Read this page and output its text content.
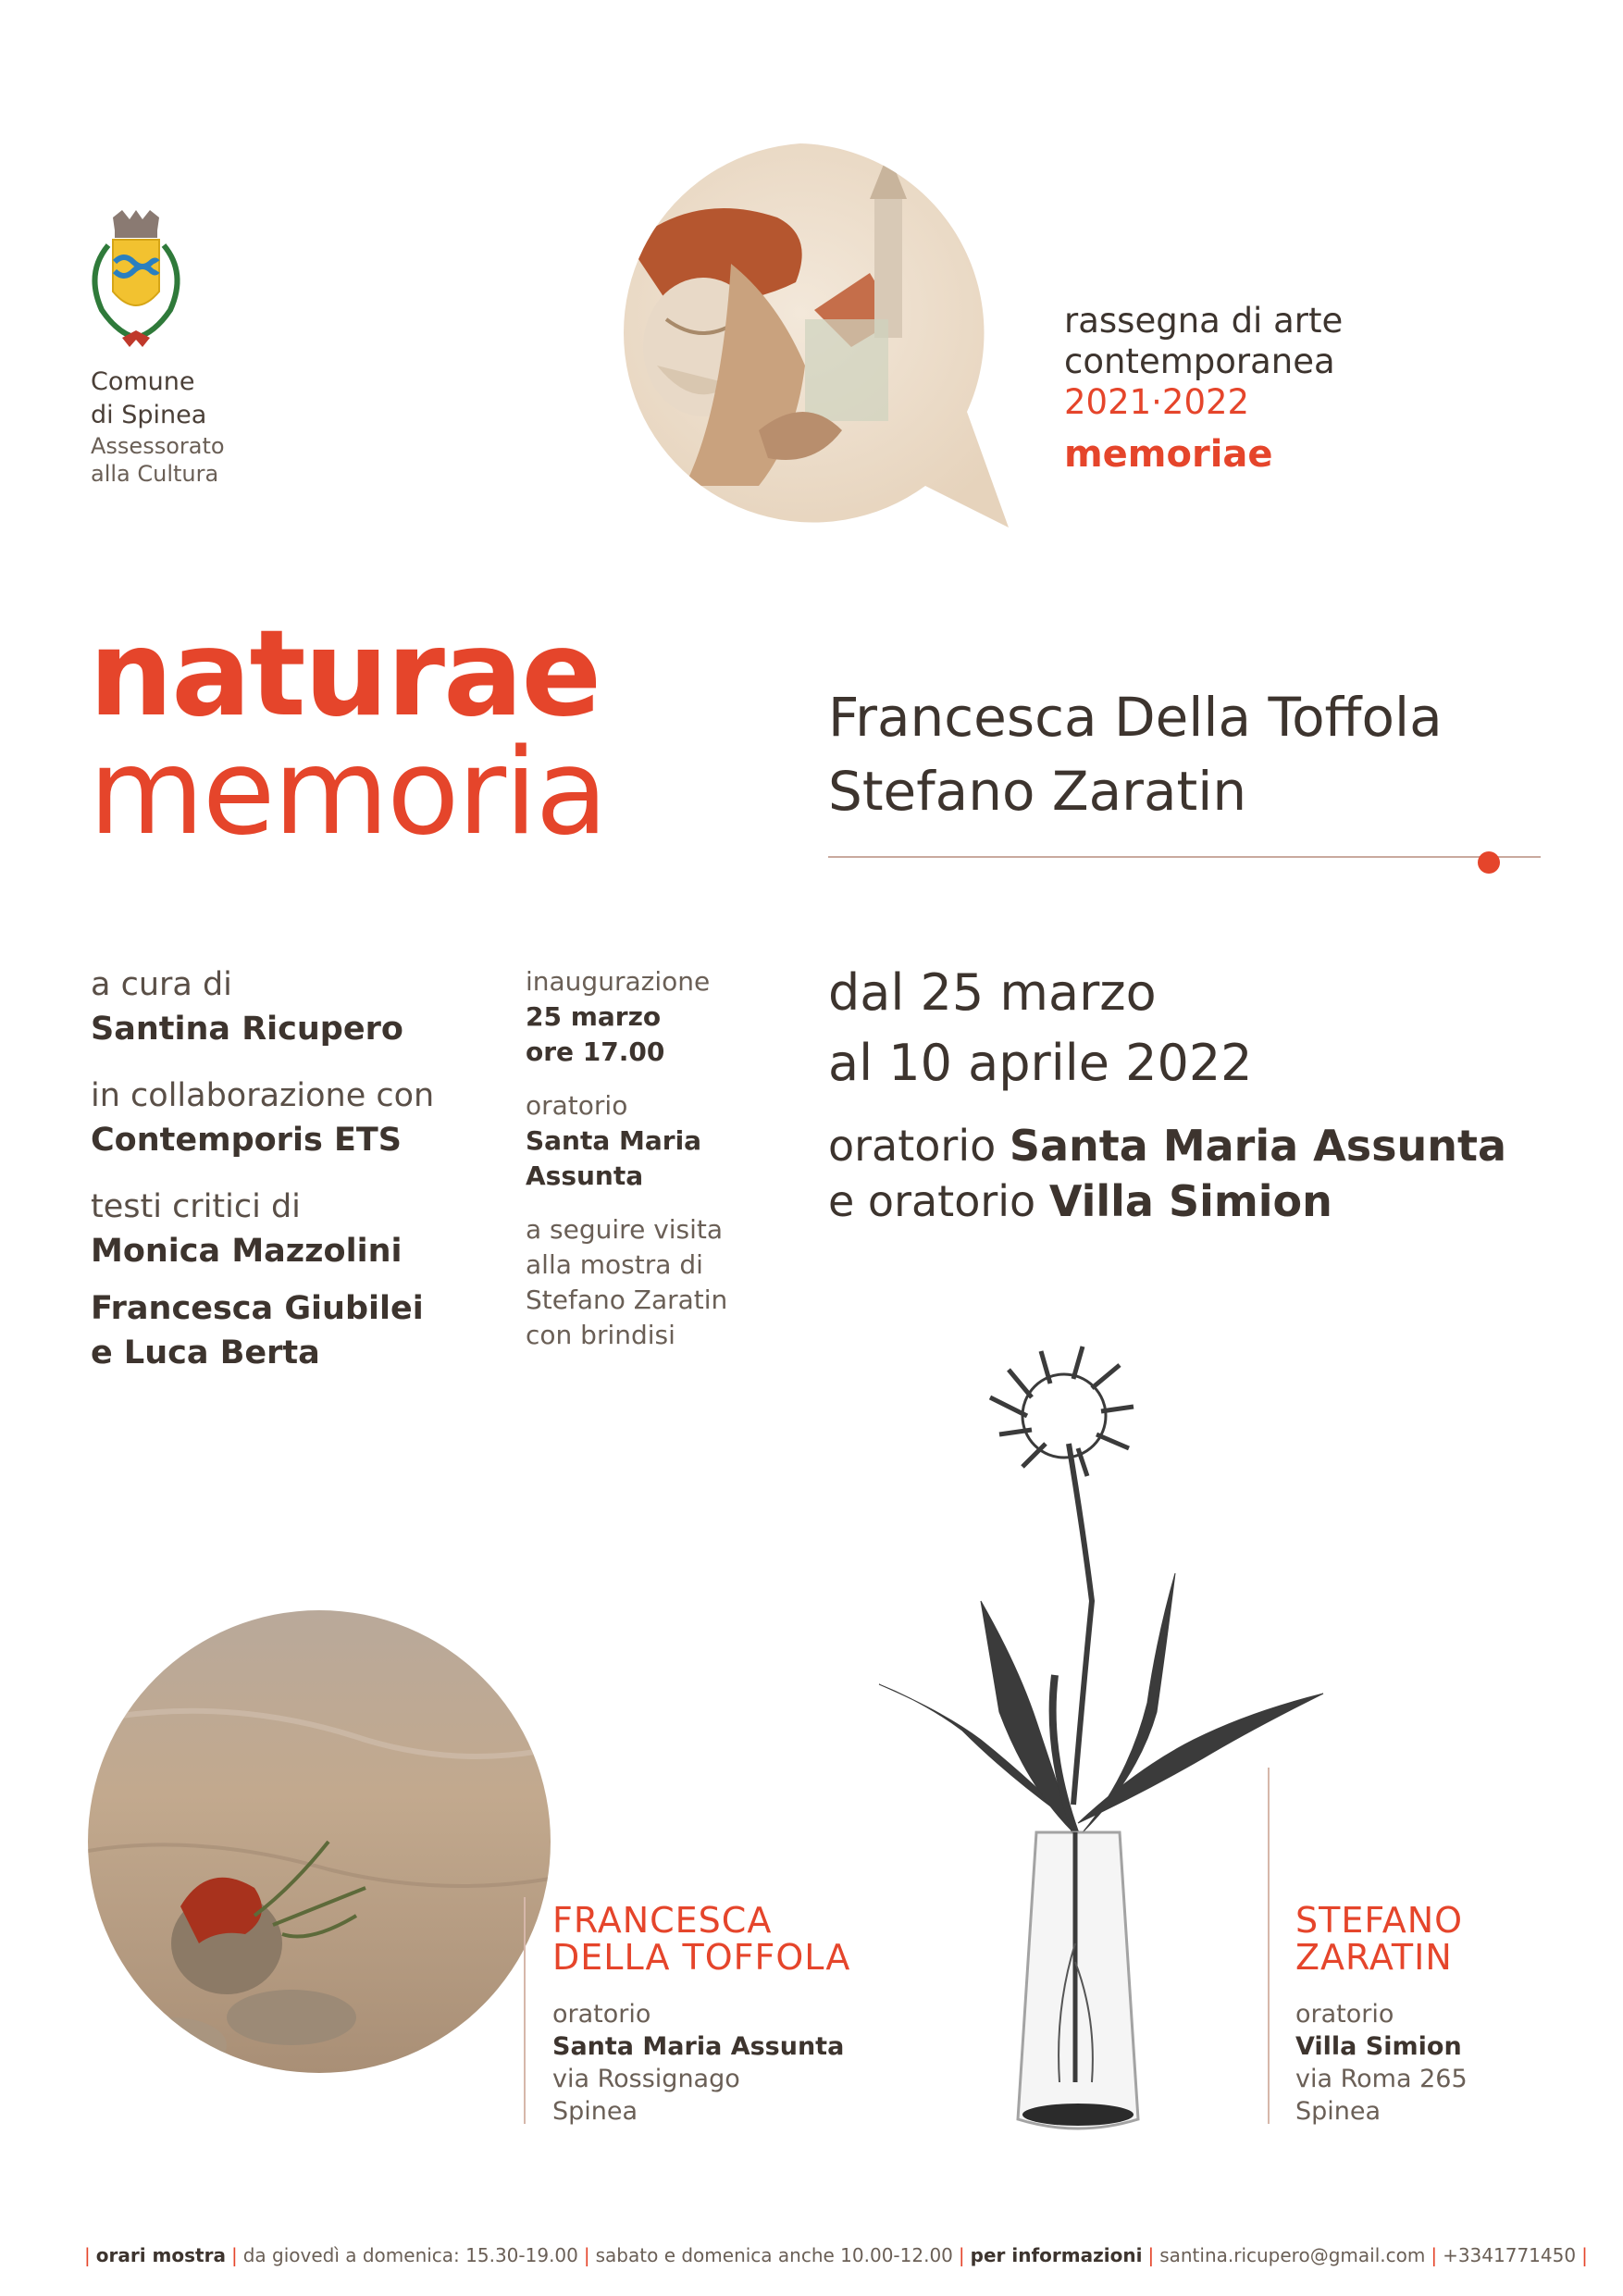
Comune
di Spinea
Assessorato
alla Cultura
rassegna di arte
contemporanea
2021·2022
memoriae
naturae
memoria
Francesca Della Toffola
Stefano Zaratin
a cura di
Santina Ricupero
in collaborazione con
Contemporis ETS
testi critici di
Monica Mazzolini
Francesca Giubilei
e Luca Berta
inaugurazione
25 marzo
ore 17.00
oratorio
Santa Maria
Assunta
a seguire visita
alla mostra di
Stefano Zaratin
con brindisi
dal 25 marzo
al 10 aprile 2022
oratorio Santa Maria Assunta
e oratorio Villa Simion
FRANCESCA
DELLA TOFFOLA
oratorio
Santa Maria Assunta
via Rossignago
Spinea
STEFANO
ZARATIN
oratorio
Villa Simion
via Roma 265
Spinea
| orari mostra | da giovedì a domenica: 15.30-19.00 | sabato e domenica anche 10.00-12.00 | per informazioni | santina.ricupero@gmail.com | +3341771450 |
